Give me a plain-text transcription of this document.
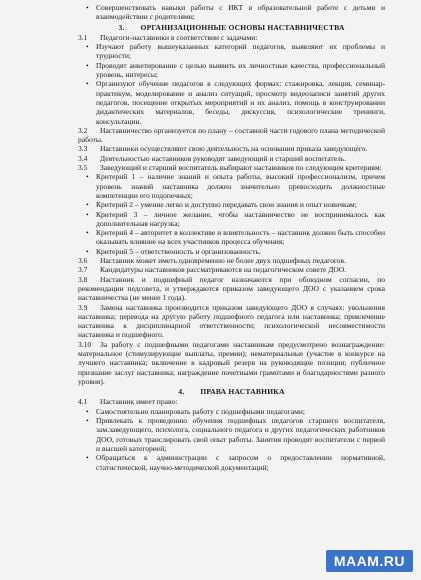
• Совершенствовать навыки работы с ИКТ в образовательной работе с детьми и взаимодействии с родителями;

3. ОРГАНИЗАЦИОННЫЕ ОСНОВЫ НАСТАВНИЧЕСТВА

3.1 Педагоги-наставники в соответствии с задачами:

• Изучают работу вышеуказанных категорий педагогов, выявляют их проблемы и трудности;

• Проводят анкетирование с целью выявить их личностные качества, профессиональный уровень, интересы;

• Организуют обучение педагогов в следующих формах: стажировка, лекция, семинар-практикум, моделирование и анализ ситуаций, просмотр видеозаписи занятий других педагогов, посещение открытых мероприятий и их анализ, помощь в конструировании дидактических материалов, беседы, дискуссия, психологические тренинги, консультации.

3.2 Наставничество организуется по плану – составной части годового плана методической работы.

3.3 Наставники осуществляют свою деятельность на основании приказа заведующего.

3.4 Деятельностью наставников руководят заведующий и старший воспитатель.

3.5 Заведующий и старший воспитатель выбирают наставников по следующим критериям:

• Критерий 1 – наличие знаний и опыта работы, высокий профессионализм, причем уровень знаний наставника должен значительно превосходить должностные компетенции его подопечных;

• Критерий 2 – умение легко и доступно передавать свои знания и опыт новичкам;

• Критерий 3 – личное желание, чтобы наставничество не воспринималось как дополнительная нагрузка;

• Критерий 4 – авторитет в коллективе и влиятельность – наставник должен быть способен оказывать влияние на всех участников процесса обучения;

• Критерий 5 – ответственность и организованность.

3.6 Наставник может иметь одновременно не более двух подшефных педагогов.

3.7 Кандидатуры наставников рассматриваются на педагогическом совете ДОО.

3.8 Наставник и подшефный педагог назначаются при обоюдном согласии, по рекомендации педсовета, и утверждаются приказом заведующего ДОО с указанием срока наставничества (не менее 1 года).

3.9 Замена наставника производится приказом заведующего ДОО в случаях: увольнения наставника; перевода на другую работу подшефного педагога или наставника; привлечение наставника к дисциплинарной ответственности; психологической несовместимости наставника и подшефного.

3.10 За работу с подшефными педагогами наставникам предусмотрено вознаграждение: материальное (стимулирующие выплаты, премии); нематериальные (участие в конкурсе на лучшего наставника; включение в кадровый резерв на руководящие позиции; публичное признание заслуг наставника; награждение почетными грамотами и благодарностями разного уровня).

4. ПРАВА НАСТАВНИКА

4.1 Наставник имеет право:

• Самостоятельно планировать работу с подшефными педагогами;

• Привлекать к проведению обучения подшефных педагогов старшего воспитателя, зам.заведующего, психолога, социального педагога и других педагогических работников ДОО, готовых транслировать свой опыт работы. Занятия проводят воспитатели с первой и высшей категорией;

• Обращаться к администрации с запросом о предоставлении нормативной, статистической, научно-методической документаций;

MAAM.RU
